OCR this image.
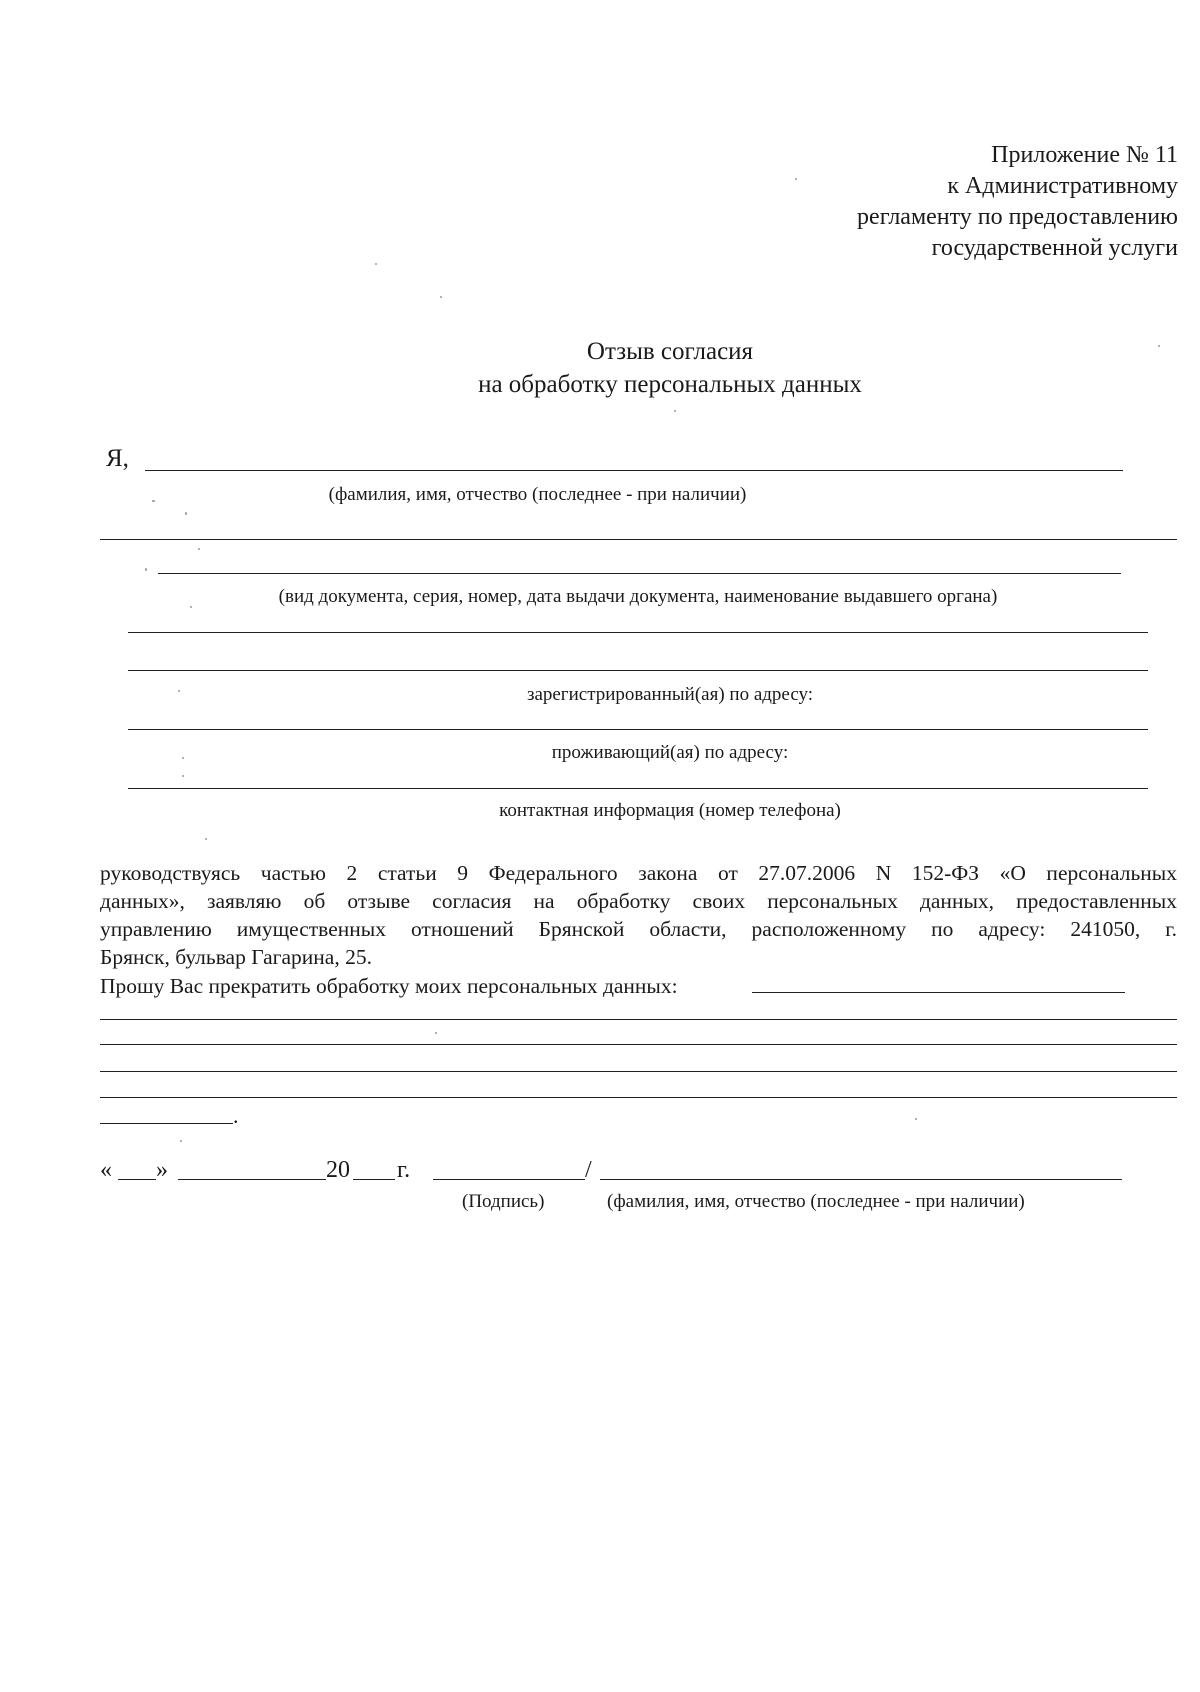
Приложение № 11
к Административному
регламенту по предоставлению
государственной услуги
Отзыв согласия
на обработку персональных данных
Я,
(фамилия, имя, отчество (последнее - при наличии)
(вид документа, серия, номер, дата выдачи документа, наименование выдавшего органа)
зарегистрированный(ая) по адресу:
проживающий(ая) по адресу:
контактная информация (номер телефона)
руководствуясь частью 2 статьи 9 Федерального закона от 27.07.2006 N 152-ФЗ «О персональных
данных», заявляю об отзыве согласия на обработку своих персональных данных, предоставленных
управлению имущественных отношений Брянской области, расположенному по адресу: 241050, г.
Брянск, бульвар Гагарина, 25.
Прошу Вас прекратить обработку моих персональных данных:
.
« »	20 г.	/
(Подпись)	(фамилия, имя, отчество (последнее - при наличии)
